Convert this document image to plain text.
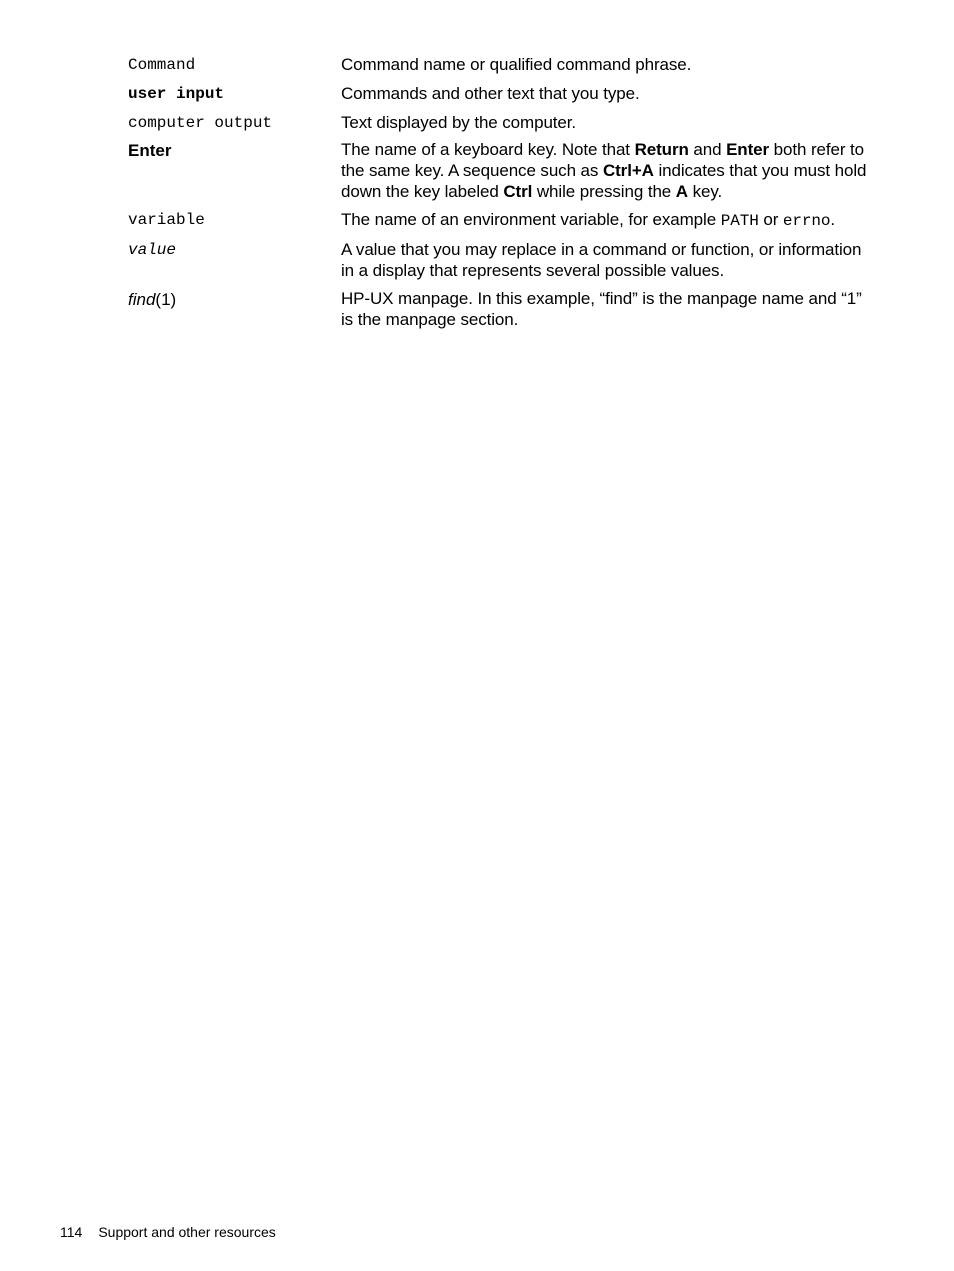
Command	Command name or qualified command phrase.
user input	Commands and other text that you type.
computer output	Text displayed by the computer.
Enter	The name of a keyboard key. Note that Return and Enter both refer to the same key. A sequence such as Ctrl+A indicates that you must hold down the key labeled Ctrl while pressing the A key.
variable	The name of an environment variable, for example PATH or errno.
value	A value that you may replace in a command or function, or information in a display that represents several possible values.
find(1)	HP-UX manpage. In this example, “find” is the manpage name and “1” is the manpage section.
114 Support and other resources
